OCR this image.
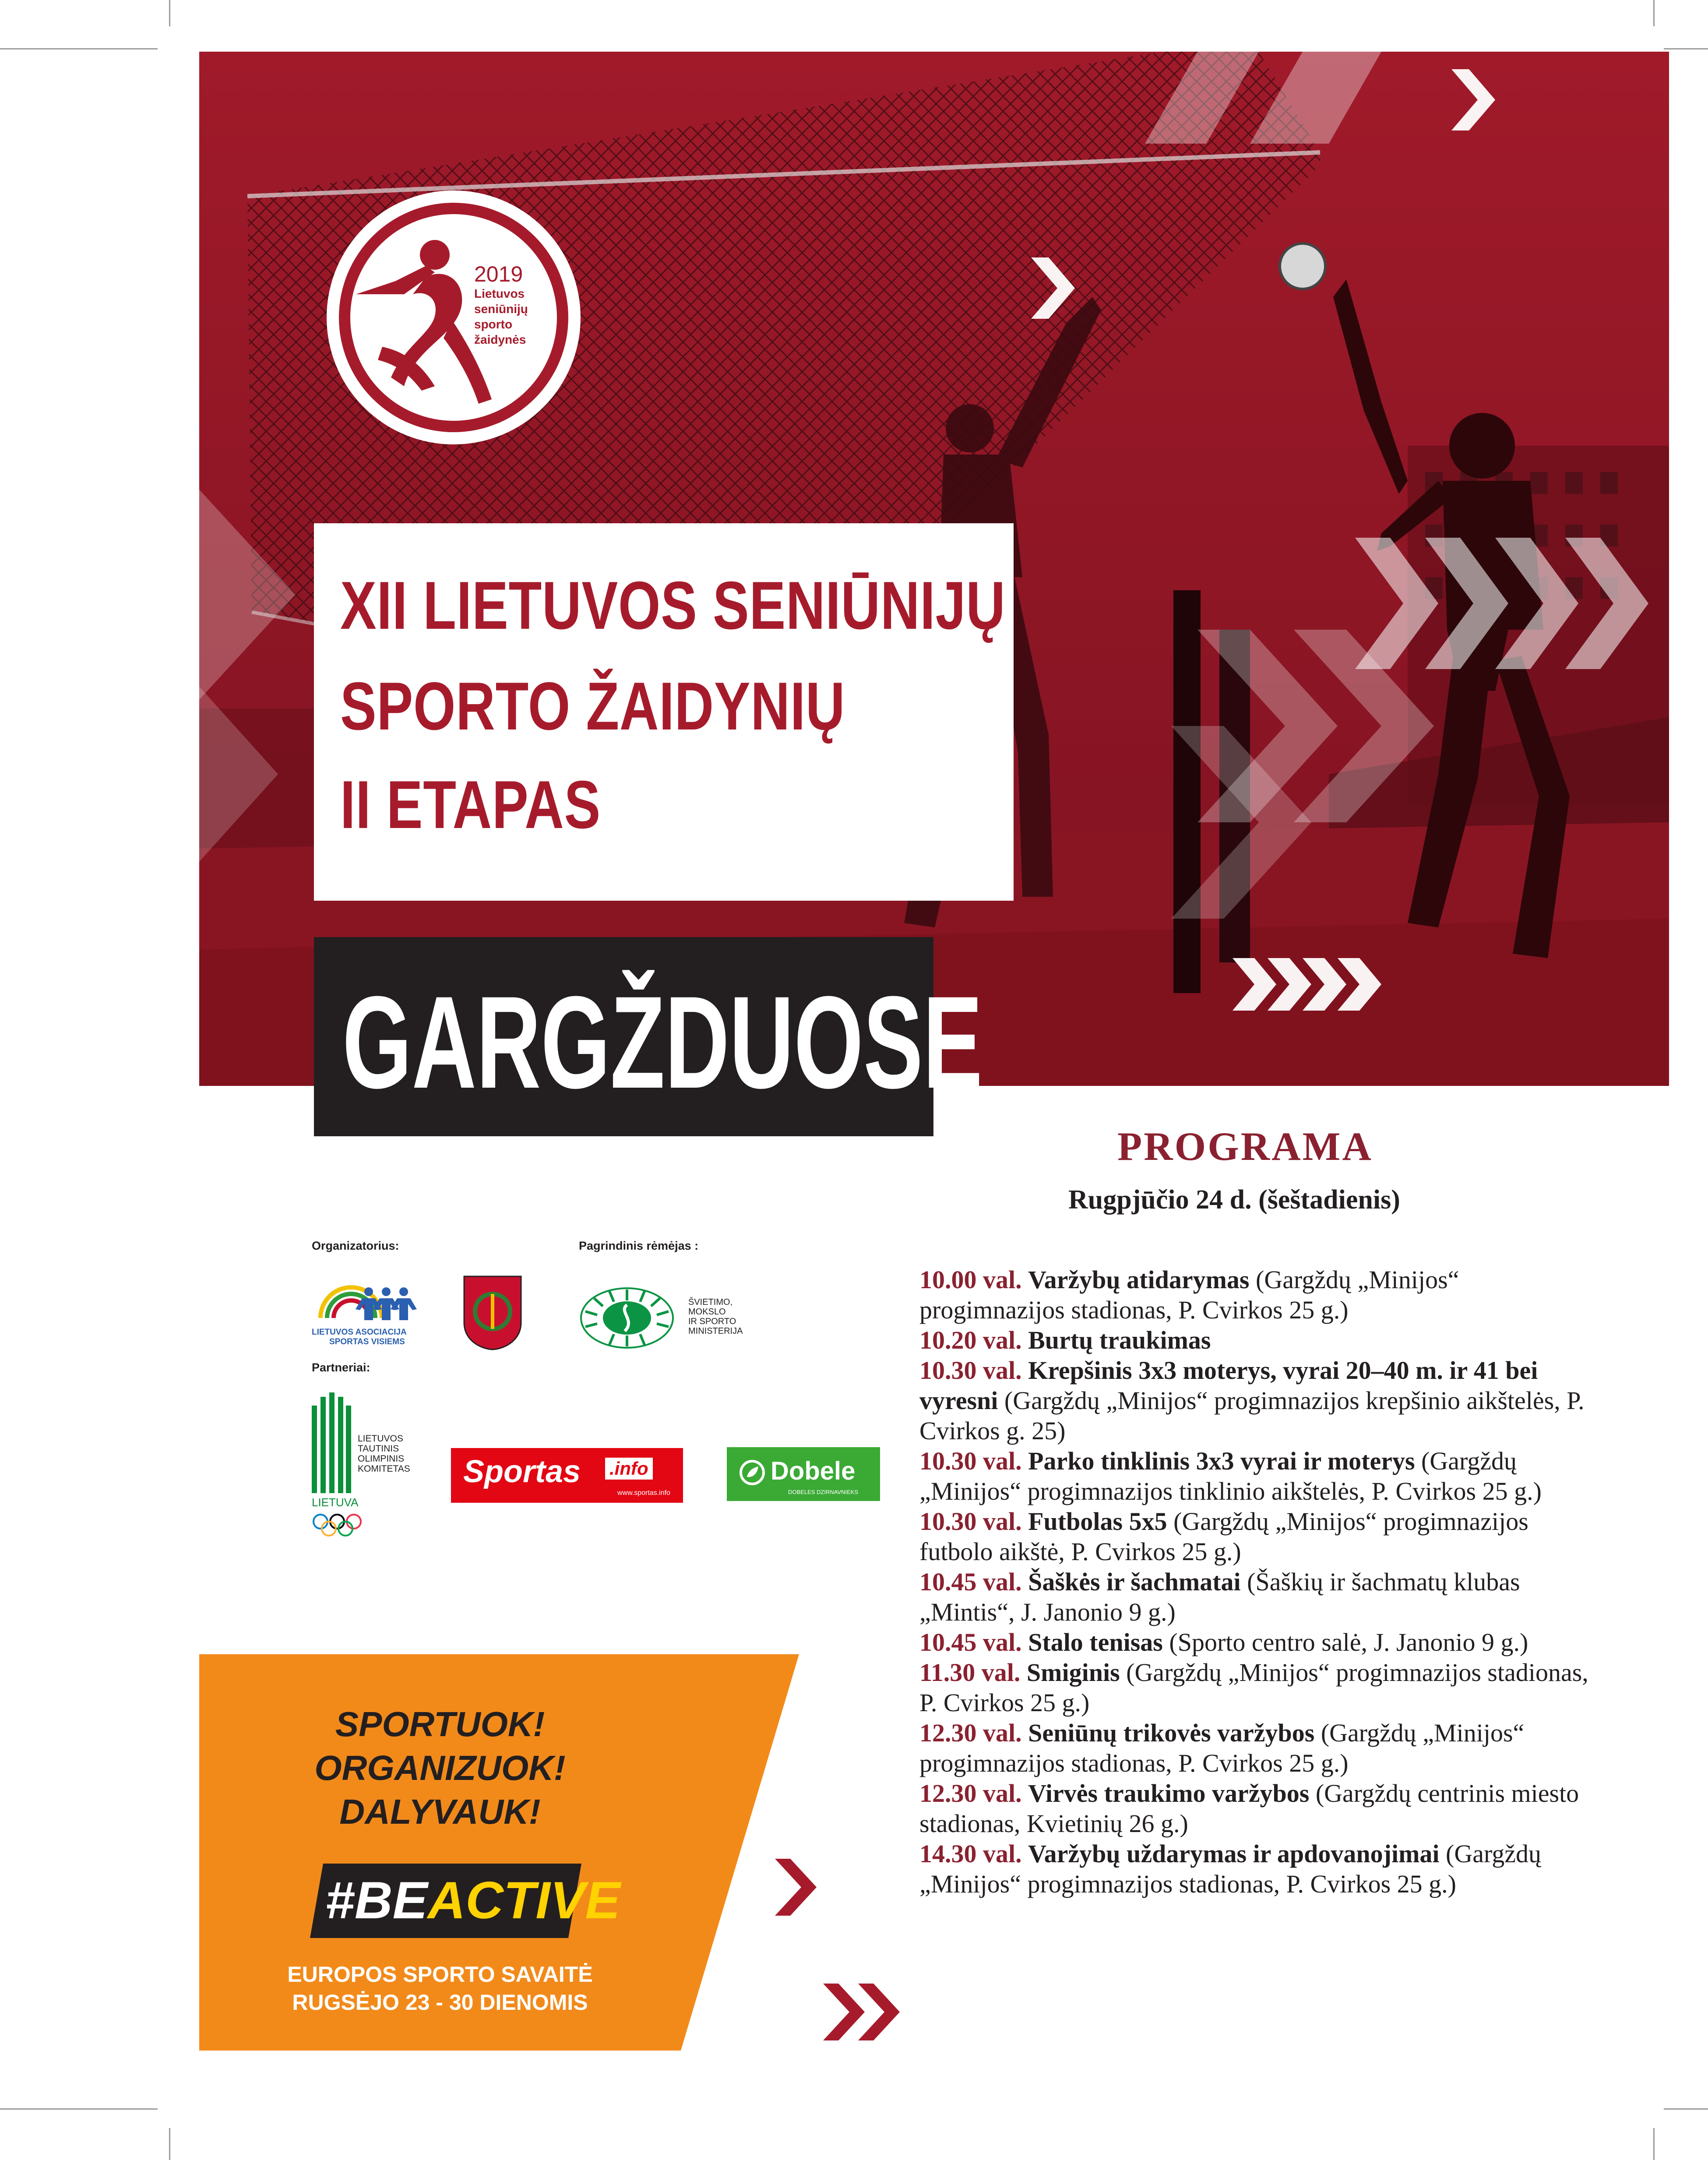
2019
Lietuvos
seniūnijų
sporto
žaidynės
XII LIETUVOS SENIŪNIJŲ
SPORTO ŽAIDYNIŲ
II ETAPAS
GARGŽDUOSE
PROGRAMA
Rugpjūčio 24 d. (šeštadienis)
10.00 val. Varžybų atidarymas (Gargždų „Minijos“
progimnazijos stadionas, P. Cvirkos 25 g.)
10.20 val. Burtų traukimas
10.30 val. Krepšinis 3x3 moterys, vyrai 20–40 m. ir 41 bei
vyresni (Gargždų „Minijos“ progimnazijos krepšinio aikštelės, P.
Cvirkos g. 25)
10.30 val. Parko tinklinis 3x3 vyrai ir moterys (Gargždų
„Minijos“ progimnazijos tinklinio aikštelės, P. Cvirkos 25 g.)
10.30 val. Futbolas 5x5 (Gargždų „Minijos“ progimnazijos
futbolo aikštė, P. Cvirkos 25 g.)
10.45 val. Šaškės ir šachmatai (Šaškių ir šachmatų klubas
„Mintis“, J. Janonio 9 g.)
10.45 val. Stalo tenisas (Sporto centro salė, J. Janonio 9 g.)
11.30 val. Smiginis (Gargždų „Minijos“ progimnazijos stadionas,
P. Cvirkos 25 g.)
12.30 val. Seniūnų trikovės varžybos (Gargždų „Minijos“
progimnazijos stadionas, P. Cvirkos 25 g.)
12.30 val. Virvės traukimo varžybos (Gargždų centrinis miesto
stadionas, Kvietinių 26 g.)
14.30 val. Varžybų uždarymas ir apdovanojimai (Gargždų
„Minijos“ progimnazijos stadionas, P. Cvirkos 25 g.)
Organizatorius:	Pagrindinis rėmėjas :
Partneriai:
LIETUVOS ASOCIACIJA
SPORTAS VISIEMS
ŠVIETIMO,
MOKSLO
IR SPORTO
MINISTERIJA
LIETUVOS
TAUTINIS
OLIMPINIS
KOMITETAS
LIETUVA
Sportas .info
www.sportas.info
Dobele
DOBELES DZIRNAVNIEKS
SPORTUOK!
ORGANIZUOK!
DALYVAUK!
#BEACTIVE
EUROPOS SPORTO SAVAITĖ
RUGSĖJO 23 - 30 DIENOMIS
